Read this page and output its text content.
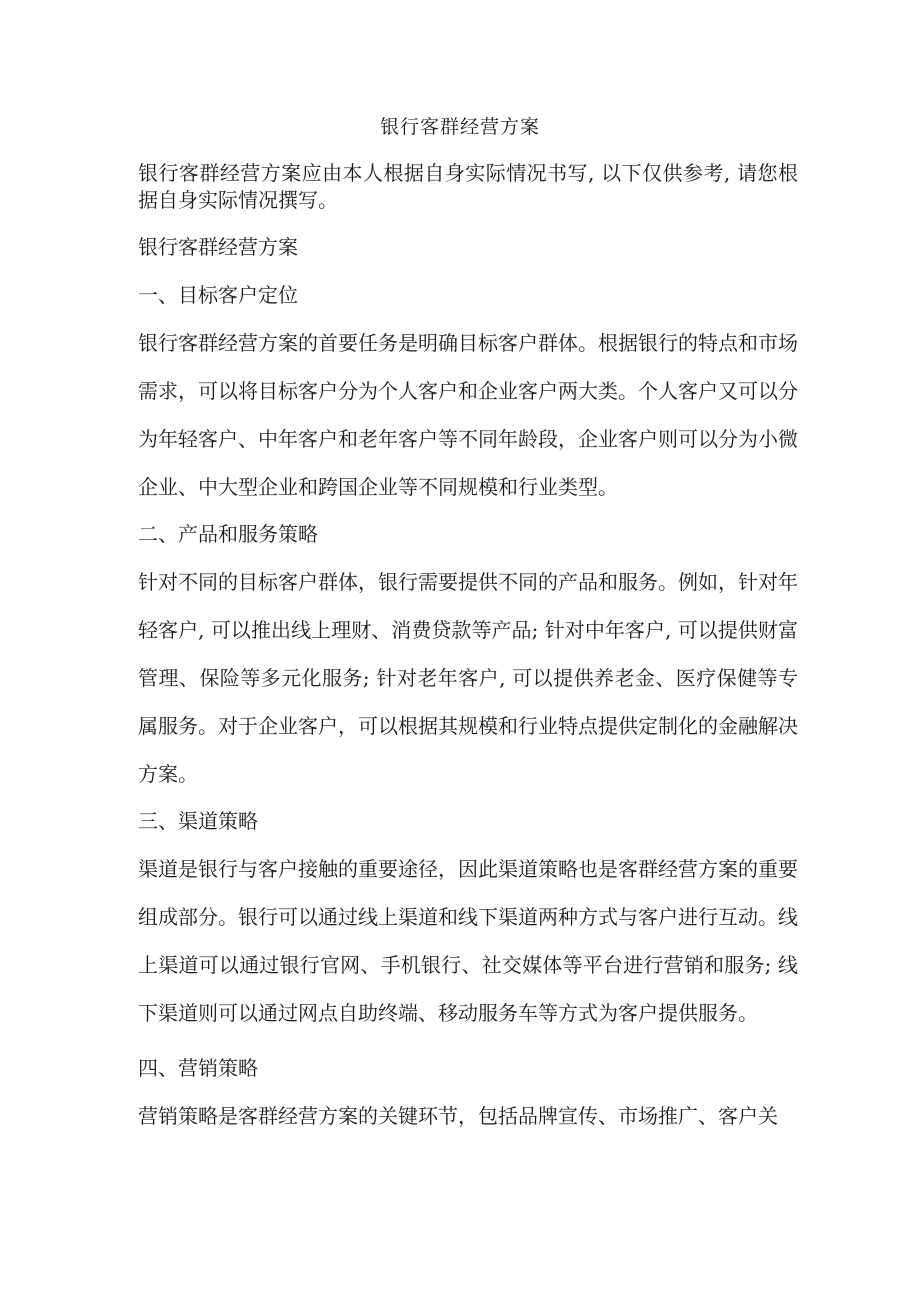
银行客群经营方案

银行客群经营方案应由本人根据自身实际情况书写, 以下仅供参考, 请您根据自身实际情况撰写。

银行客群经营方案

一、目标客户定位

银行客群经营方案的首要任务是明确目标客户群体。根据银行的特点和市场需求，可以将目标客户分为个人客户和企业客户两大类。个人客户又可以分为年轻客户、中年客户和老年客户等不同年龄段，企业客户则可以分为小微企业、中大型企业和跨国企业等不同规模和行业类型。

二、产品和服务策略

针对不同的目标客户群体，银行需要提供不同的产品和服务。例如，针对年轻客户, 可以推出线上理财、消费贷款等产品; 针对中年客户, 可以提供财富管理、保险等多元化服务; 针对老年客户, 可以提供养老金、医疗保健等专属服务。对于企业客户，可以根据其规模和行业特点提供定制化的金融解决方案。

三、渠道策略

渠道是银行与客户接触的重要途径，因此渠道策略也是客群经营方案的重要组成部分。银行可以通过线上渠道和线下渠道两种方式与客户进行互动。线上渠道可以通过银行官网、手机银行、社交媒体等平台进行营销和服务; 线下渠道则可以通过网点自助终端、移动服务车等方式为客户提供服务。

四、营销策略

营销策略是客群经营方案的关键环节，包括品牌宣传、市场推广、客户关
